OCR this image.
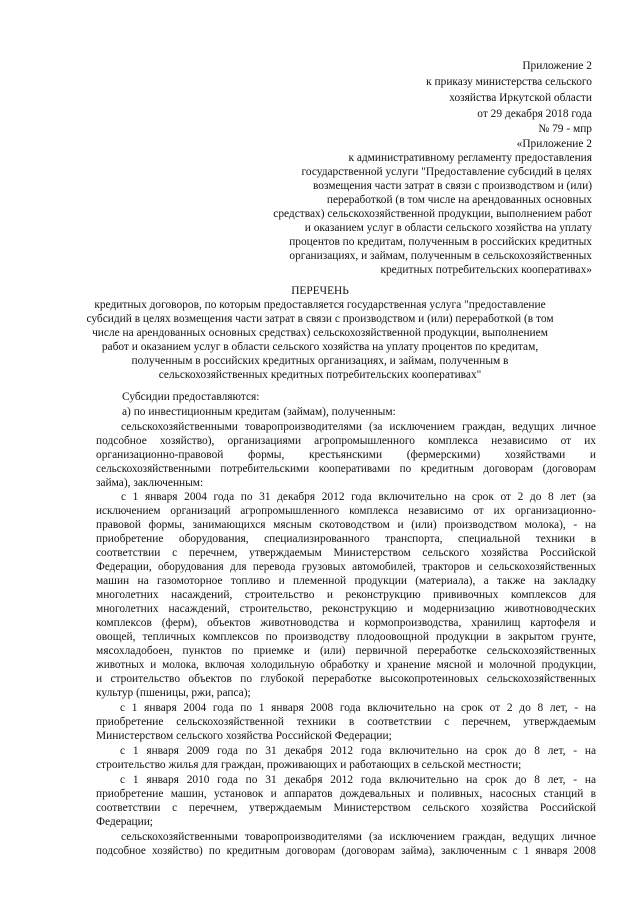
Приложение 2
к приказу министерства сельского
хозяйства Иркутской области
от 29 декабря 2018 года
№ 79 - мпр
«Приложение 2
к административному регламенту предоставления
государственной услуги "Предоставление субсидий в целях
возмещения части затрат в связи с производством и (или)
переработкой (в том числе на арендованных основных
средствах) сельскохозяйственной продукции, выполнением работ
и оказанием услуг в области сельского хозяйства на уплату
процентов по кредитам, полученным в российских кредитных
организациях, и займам, полученным в сельскохозяйственных
кредитных потребительских кооперативах»
ПЕРЕЧЕНЬ
кредитных договоров, по которым предоставляется государственная услуга "предоставление
субсидий в целях возмещения части затрат в связи с производством и (или) переработкой (в том
числе на арендованных основных средствах) сельскохозяйственной продукции, выполнением
работ и оказанием услуг в области сельского хозяйства на уплату процентов по кредитам,
полученным в российских кредитных организациях, и займам, полученным в
сельскохозяйственных кредитных потребительских кооперативах"
Субсидии предоставляются:
а) по инвестиционным кредитам (займам), полученным:
сельскохозяйственными товаропроизводителями (за исключением граждан, ведущих личное
подсобное хозяйство), организациями агропромышленного комплекса независимо от их
организационно-правовой формы, крестьянскими (фермерскими) хозяйствами и
сельскохозяйственными потребительскими кооперативами по кредитным договорам (договорам
займа), заключенным:
с 1 января 2004 года по 31 декабря 2012 года включительно на срок от 2 до 8 лет (за
исключением организаций агропромышленного комплекса независимо от их организационно-
правовой формы, занимающихся мясным скотоводством и (или) производством молока), - на
приобретение оборудования, специализированного транспорта, специальной техники в
соответствии с перечнем, утверждаемым Министерством сельского хозяйства Российской
Федерации, оборудования для перевода грузовых автомобилей, тракторов и сельскохозяйственных
машин на газомоторное топливо и племенной продукции (материала), а также на закладку
многолетних насаждений, строительство и реконструкцию прививочных комплексов для
многолетних насаждений, строительство, реконструкцию и модернизацию животноводческих
комплексов (ферм), объектов животноводства и кормопроизводства, хранилищ картофеля и
овощей, тепличных комплексов по производству плодоовощной продукции в закрытом грунте,
мясохладобоен, пунктов по приемке и (или) первичной переработке сельскохозяйственных
животных и молока, включая холодильную обработку и хранение мясной и молочной продукции,
и строительство объектов по глубокой переработке высокопротеиновых сельскохозяйственных
культур (пшеницы, ржи, рапса);
с 1 января 2004 года по 1 января 2008 года включительно на срок от 2 до 8 лет, - на
приобретение сельскохозяйственной техники в соответствии с перечнем, утверждаемым
Министерством сельского хозяйства Российской Федерации;
с 1 января 2009 года по 31 декабря 2012 года включительно на срок до 8 лет, - на
строительство жилья для граждан, проживающих и работающих в сельской местности;
с 1 января 2010 года по 31 декабря 2012 года включительно на срок до 8 лет, - на
приобретение машин, установок и аппаратов дождевальных и поливных, насосных станций в
соответствии с перечнем, утверждаемым Министерством сельского хозяйства Российской
Федерации;
сельскохозяйственными товаропроизводителями (за исключением граждан, ведущих личное
подсобное хозяйство) по кредитным договорам (договорам займа), заключенным с 1 января 2008
